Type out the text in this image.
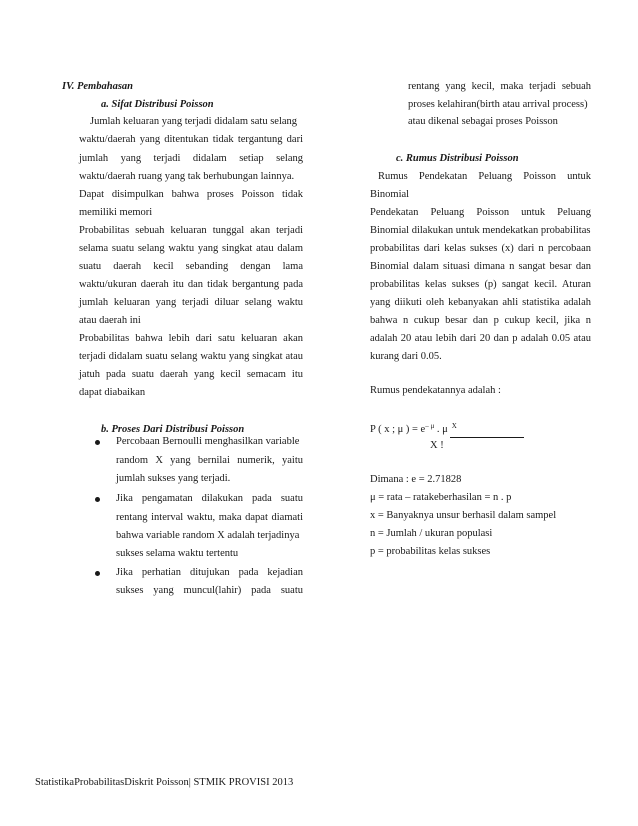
IV. Pembahasan
a. Sifat Distribusi Poisson
Jumlah keluaran yang terjadi didalam satu selang
waktu/daerah yang ditentukan tidak tergantung dari
jumlah yang terjadi didalam setiap selang
waktu/daerah ruang yang tak berhubungan lainnya.
Dapat disimpulkan bahwa proses Poisson tidak
memiliki memori
Probabilitas sebuah keluaran tunggal akan terjadi
selama suatu selang waktu yang singkat atau dalam
suatu daerah kecil sebanding dengan lama
waktu/ukuran daerah itu dan tidak bergantung pada
jumlah keluaran yang terjadi diluar selang waktu
atau daerah ini
Probabilitas bahwa lebih dari satu keluaran akan
terjadi didalam suatu selang waktu yang singkat atau
jatuh pada suatu daerah yang kecil semacam itu
dapat diabaikan
b. Proses Dari Distribusi Poisson
Percobaan Bernoulli menghasilkan variable
random X yang bernilai numerik, yaitu
jumlah sukses yang terjadi.
Jika pengamatan dilakukan pada suatu
rentang interval waktu, maka dapat diamati
bahwa variable random X adalah terjadinya
sukses selama waktu tertentu
Jika perhatian ditujukan pada kejadian
sukses yang muncul(lahir) pada suatu
rentang yang kecil, maka terjadi sebuah
proses kelahiran(birth atau arrival process)
atau dikenal sebagai proses Poisson
c. Rumus Distribusi Poisson
Rumus Pendekatan Peluang Poisson untuk
Binomial
Pendekatan Peluang Poisson untuk Peluang
Binomial dilakukan untuk mendekatkan probabilitas
probabilitas dari kelas sukses (x) dari n percobaan
Binomial dalam situasi dimana n sangat besar dan
probabilitas kelas sukses (p) sangat kecil. Aturan
yang diikuti oleh kebanyakan ahli statistika adalah
bahwa n cukup besar dan p cukup kecil, jika n
adalah 20 atau lebih dari 20 dan p adalah 0.05 atau
kurang dari 0.05.
Rumus pendekatannya adalah :
P ( x ; μ ) = $e^{- \mu}$ . μ $^X$
X !
Dimana : e = 2.71828
μ = rata – ratakeberhasilan = n . p
x = Banyaknya unsur berhasil dalam sampel
n = Jumlah / ukuran populasi
p = probabilitas kelas sukses
StatistikaProbabilitasDiskrit Poisson| STMIK PROVISI 2013
